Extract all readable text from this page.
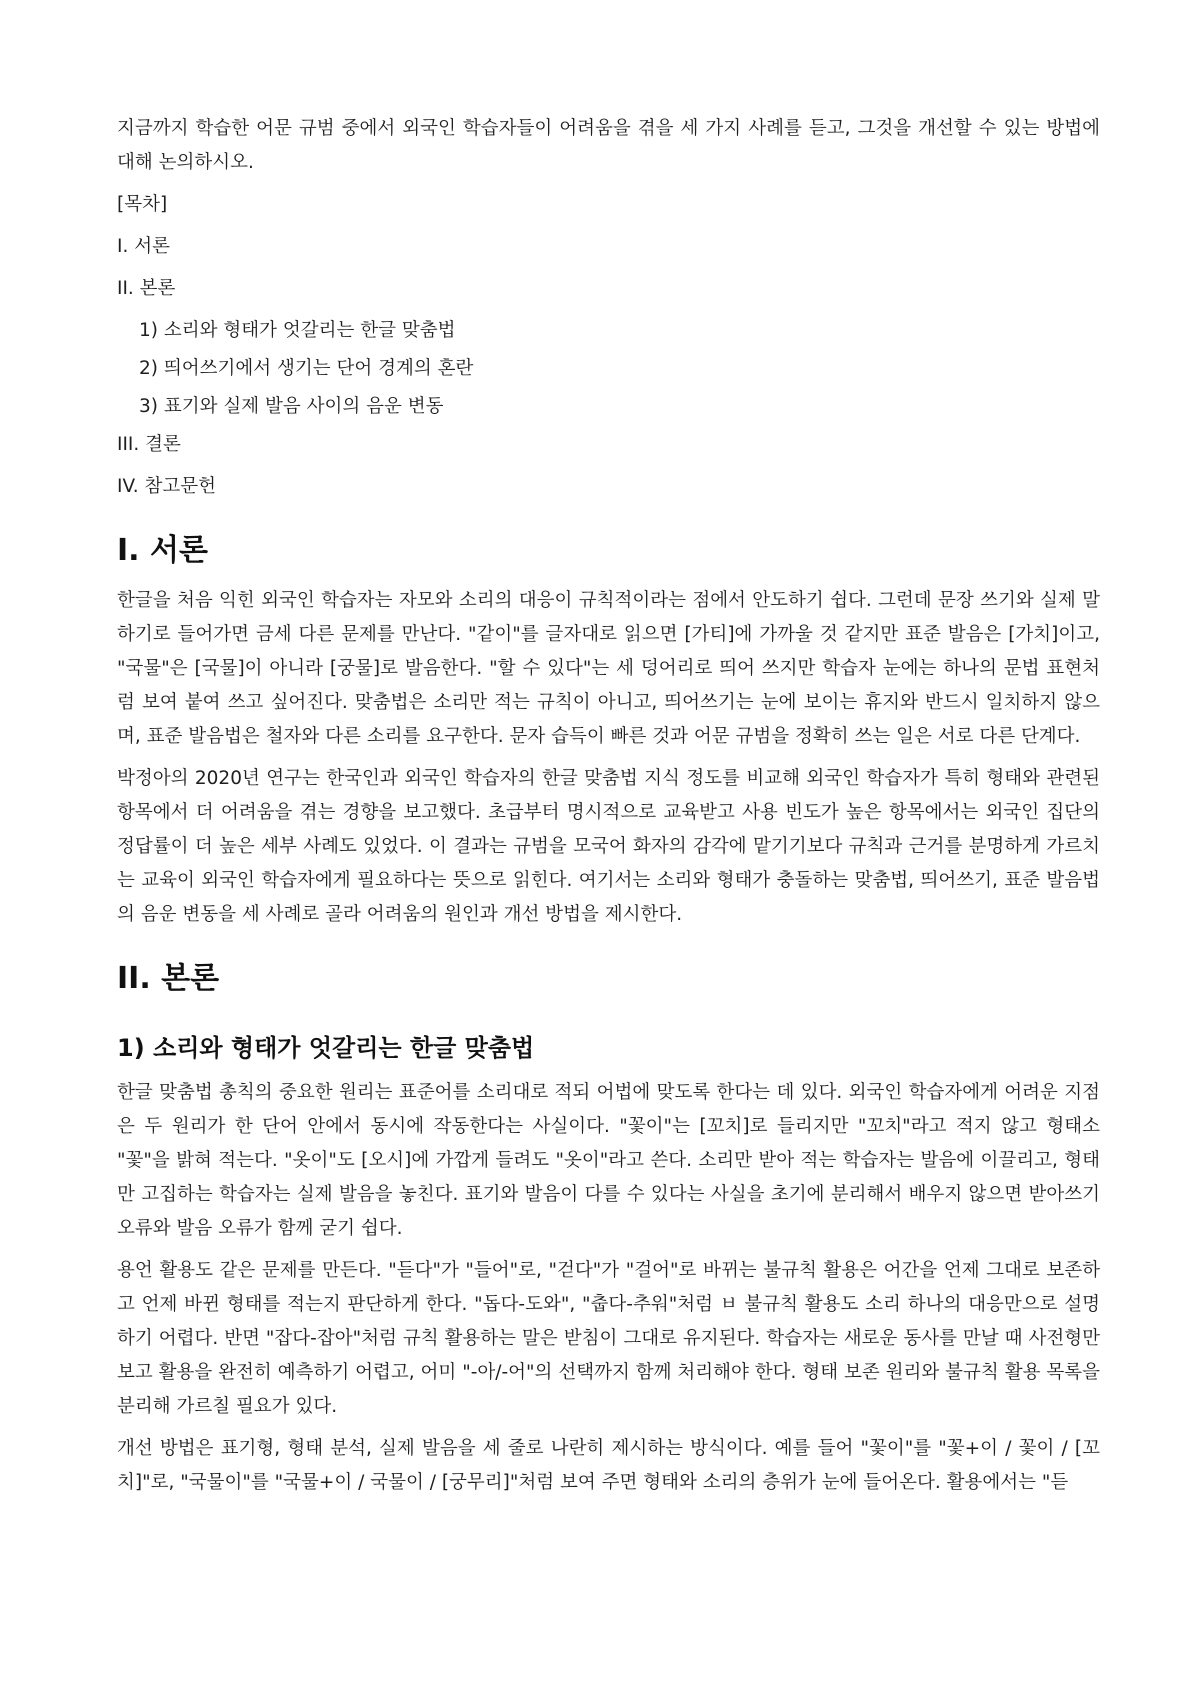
지금까지 학습한 어문 규범 중에서 외국인 학습자들이 어려움을 겪을 세 가지 사례를 듣고, 그것을 개선할 수 있는 방법에 대해 논의하시오.

[목차]
I. 서론
II. 본론
1) 소리와 형태가 엇갈리는 한글 맞춤법
2) 띄어쓰기에서 생기는 단어 경계의 혼란
3) 표기와 실제 발음 사이의 음운 변동
III. 결론
IV. 참고문헌
I. 서론

한글을 처음 익힌 외국인 학습자는 자모와 소리의 대응이 규칙적이라는 점에서 안도하기 쉽다. 그런데 문장 쓰기와 실제 말하기로 들어가면 금세 다른 문제를 만난다. "같이"를 글자대로 읽으면 [가티]에 가까울 것 같지만 표준 발음은 [가치]이고, "국물"은 [국물]이 아니라 [궁물]로 발음한다. "할 수 있다"는 세 덩어리로 띄어 쓰지만 학습자 눈에는 하나의 문법 표현처럼 보여 붙여 쓰고 싶어진다. 맞춤법은 소리만 적는 규칙이 아니고, 띄어쓰기는 눈에 보이는 휴지와 반드시 일치하지 않으며, 표준 발음법은 철자와 다른 소리를 요구한다. 문자 습득이 빠른 것과 어문 규범을 정확히 쓰는 일은 서로 다른 단계다.

박정아의 2020년 연구는 한국인과 외국인 학습자의 한글 맞춤법 지식 정도를 비교해 외국인 학습자가 특히 형태와 관련된 항목에서 더 어려움을 겪는 경향을 보고했다. 초급부터 명시적으로 교육받고 사용 빈도가 높은 항목에서는 외국인 집단의 정답률이 더 높은 세부 사례도 있었다. 이 결과는 규범을 모국어 화자의 감각에 맡기기보다 규칙과 근거를 분명하게 가르치는 교육이 외국인 학습자에게 필요하다는 뜻으로 읽힌다. 여기서는 소리와 형태가 충돌하는 맞춤법, 띄어쓰기, 표준 발음법의 음운 변동을 세 사례로 골라 어려움의 원인과 개선 방법을 제시한다.

II. 본론
1) 소리와 형태가 엇갈리는 한글 맞춤법

한글 맞춤법 총칙의 중요한 원리는 표준어를 소리대로 적되 어법에 맞도록 한다는 데 있다. 외국인 학습자에게 어려운 지점은 두 원리가 한 단어 안에서 동시에 작동한다는 사실이다. "꽃이"는 [꼬치]로 들리지만 "꼬치"라고 적지 않고 형태소 "꽃"을 밝혀 적는다. "옷이"도 [오시]에 가깝게 들려도 "옷이"라고 쓴다. 소리만 받아 적는 학습자는 발음에 이끌리고, 형태만 고집하는 학습자는 실제 발음을 놓친다. 표기와 발음이 다를 수 있다는 사실을 초기에 분리해서 배우지 않으면 받아쓰기 오류와 발음 오류가 함께 굳기 쉽다.

용언 활용도 같은 문제를 만든다. "듣다"가 "들어"로, "걷다"가 "걸어"로 바뀌는 불규칙 활용은 어간을 언제 그대로 보존하고 언제 바뀐 형태를 적는지 판단하게 한다. "돕다-도와", "춥다-추워"처럼 ㅂ 불규칙 활용도 소리 하나의 대응만으로 설명하기 어렵다. 반면 "잡다-잡아"처럼 규칙 활용하는 말은 받침이 그대로 유지된다. 학습자는 새로운 동사를 만날 때 사전형만 보고 활용을 완전히 예측하기 어렵고, 어미 "-아/-어"의 선택까지 함께 처리해야 한다. 형태 보존 원리와 불규칙 활용 목록을 분리해 가르칠 필요가 있다.

개선 방법은 표기형, 형태 분석, 실제 발음을 세 줄로 나란히 제시하는 방식이다. 예를 들어 "꽃이"를 "꽃+이 / 꽃이 / [꼬치]"로, "국물이"를 "국물+이 / 국물이 / [궁무리]"처럼 보여 주면 형태와 소리의 층위가 눈에 들어온다. 활용에서는 "듣
